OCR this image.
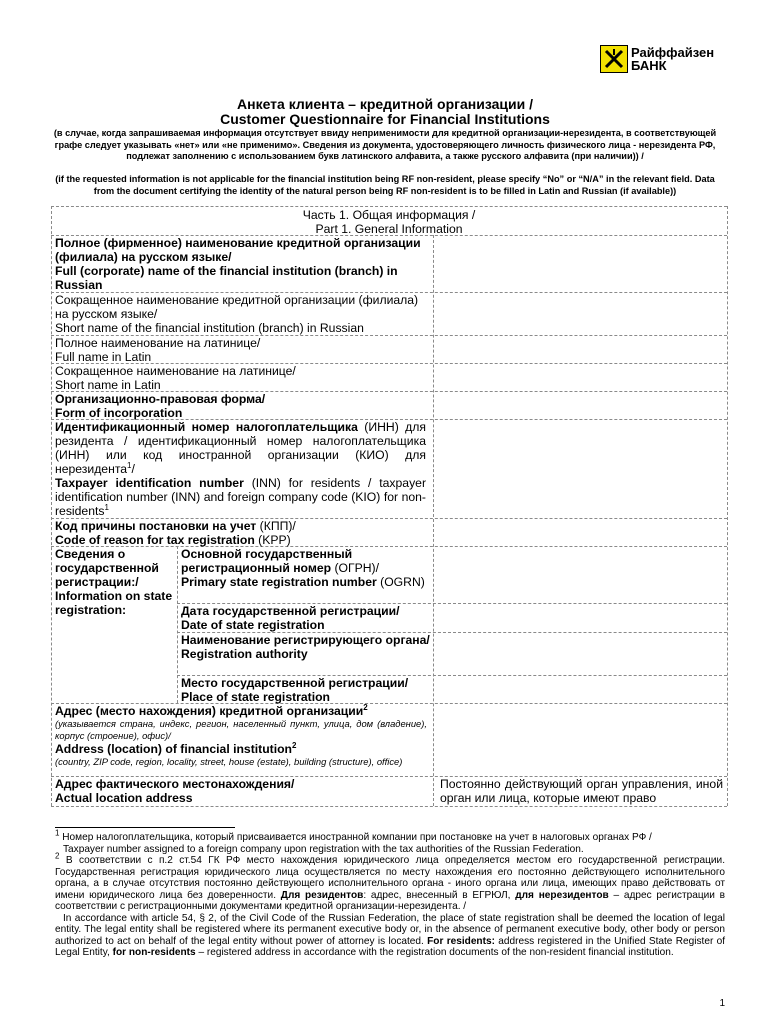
Райффайзен
БАНК
Анкета клиента – кредитной организации /
Customer Questionnaire for Financial Institutions
(в случае, когда запрашиваемая информация отсутствует ввиду неприменимости для кредитной организации-нерезидента, в соответствующей графе следует указывать «нет» или «не применимо». Сведения из документа, удостоверяющего личность физического лица - нерезидента РФ, подлежат заполнению с использованием букв латинского алфавита, а также русского алфавита (при наличии)) /
(if the requested information is not applicable for the financial institution being RF non-resident, please specify “No” or “N/A” in the relevant field. Data from the document certifying the identity of the natural person being RF non-resident is to be filled in Latin and Russian (if available))
Часть 1. Общая информация /
Part 1. General Information
Полное (фирменное) наименование кредитной организации (филиала) на русском языке/
Full (corporate) name of the financial institution (branch) in Russian
Сокращенное наименование кредитной организации (филиала) на русском языке/
Short name of the financial institution (branch) in Russian
Полное наименование на латинице/
Full name in Latin
Сокращенное наименование на латинице/
Short name in Latin
Организационно-правовая форма/
Form of incorporation
Идентификационный номер налогоплательщика (ИНН) для резидента / идентификационный номер налогоплательщика (ИНН) или код иностранной организации (КИО) для нерезидента$^1$/
Taxpayer identification number (INN) for residents / taxpayer identification number (INN) and foreign company code (KIO) for non-residents$^1$
Код причины постановки на учет (КПП)/
Code of reason for tax registration (KPP)
Сведения о государственной регистрации:/
Information on state registration:
Основной государственный регистрационный номер (ОГРН)/
Primary state registration number (OGRN)
Дата государственной регистрации/
Date of state registration
Наименование регистрирующего органа/
Registration authority
Место государственной регистрации/
Place of state registration
Адрес (место нахождения) кредитной организации$^2$
(указывается страна, индекс, регион, населенный пункт, улица, дом (владение), корпус (строение), офис)/
Address (location) of financial institution$^2$
(country, ZIP code, region, locality, street, house (estate), building (structure), office)
Адрес фактического местонахождения/
Actual location address
Постоянно действующий орган управления, иной орган или лица, которые имеют право

$^1$ Номер налогоплательщика, который присваивается иностранной компании при постановке на учет в налоговых органах РФ /

Taxpayer number assigned to a foreign company upon registration with the tax authorities of the Russian Federation.

$^2$ В соответствии с п.2 ст.54 ГК РФ место нахождения юридического лица определяется местом его государственной регистрации. Государственная регистрация юридического лица осуществляется по месту нахождения его постоянно действующего исполнительного органа, а в случае отсутствия постоянно действующего исполнительного органа - иного органа или лица, имеющих право действовать от имени юридического лица без доверенности. Для резидентов: адрес, внесенный в ЕГРЮЛ, для нерезидентов – адрес регистрации в соответствии с регистрационными документами кредитной организации-нерезидента. /

In accordance with article 54, § 2, of the Civil Code of the Russian Federation, the place of state registration shall be deemed the location of legal entity. The legal entity shall be registered where its permanent executive body or, in the absence of permanent executive body, other body or person authorized to act on behalf of the legal entity without power of attorney is located. For residents: address registered in the Unified State Register of Legal Entity, for non-residents – registered address in accordance with the registration documents of the non-resident financial institution.

1
